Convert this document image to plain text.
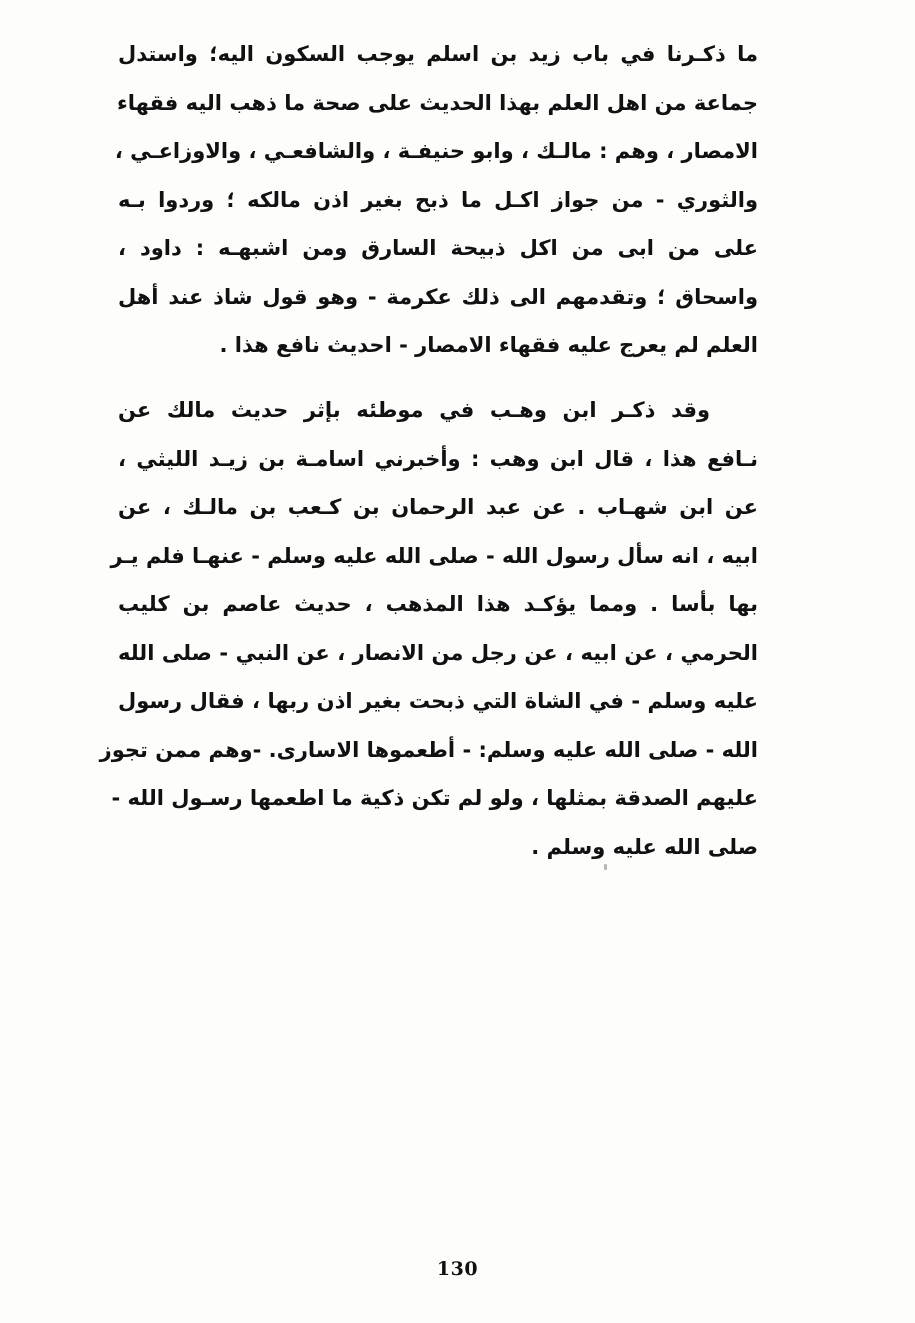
ما ذكـرنا في باب زيد بن اسلم يوجب السكون اليه؛ واستدل
جماعة من اهل العلم بهذا الحديث على صحة ما ذهب اليه فقهاء
الامصار ، وهم : مالـك ، وابو حنيفـة ، والشافعـي ، والاوزاعـي ،
والثوري - من جواز اكـل ما ذبح بغير اذن مالكه ؛ وردوا بـه
على من ابى من اكل ذبيحة السارق ومن اشبهـه : داود ،
واسحاق ؛ وتقدمهم الى ذلك عكرمة - وهو قول شاذ عند أهل
العلم لم يعرج عليه فقهاء الامصار - احديث نافع هذا .
وقد ذكـر ابن وهـب في موطئه بإثر حديث مالك عن
نـافع هذا ، قال ابن وهب : وأخبرني اسامـة بن زيـد الليثي ،
عن ابن شهـاب . عن عبد الرحمان بن كـعب بن مالـك ، عن
ابيه ، انه سأل رسول الله - صلى الله عليه وسلم - عنهـا فلم يـر
بها بأسا . ومما يؤكـد هذا المذهب ، حديث عاصم بن كليب
الحرمي ، عن ابيه ، عن رجل من الانصار ، عن النبي - صلى الله
عليه وسلم - في الشاة التي ذبحت بغير اذن ربها ، فقال رسول
الله - صلى الله عليه وسلم: - أطعموها الاسارى. -وهم ممن تجوز
عليهم الصدقة بمثلها ، ولو لم تكن ذكية ما اطعمها رسـول الله -
صلى الله عليه وسلم .
130
